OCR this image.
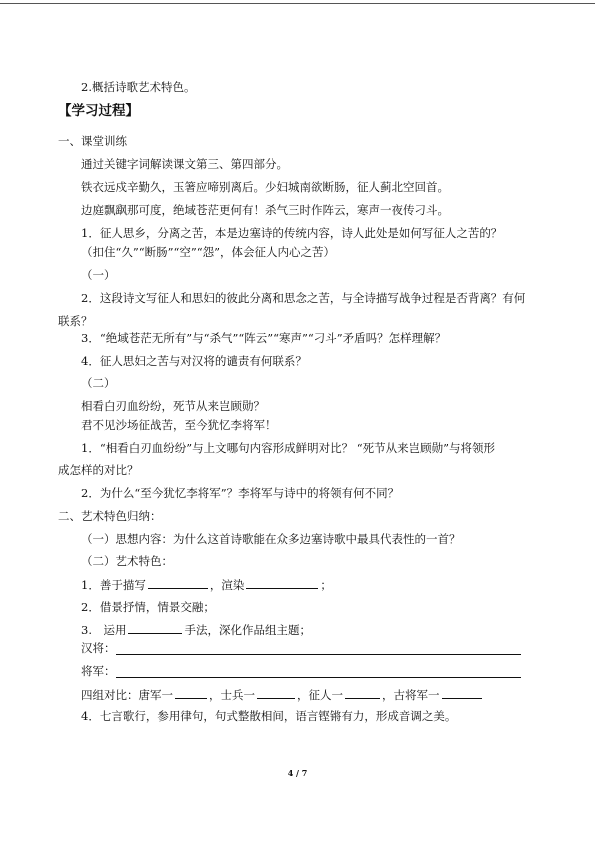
2.概括诗歌艺术特色。
【学习过程】
一、课堂训练
通过关键字词解读课文第三、第四部分。
铁衣远戍辛勤久，玉箸应啼别离后。少妇城南欲断肠，征人蓟北空回首。
边庭飘飖那可度，绝域苍茫更何有！杀气三时作阵云，寒声一夜传刁斗。
1．征人思乡，分离之苦，本是边塞诗的传统内容，诗人此处是如何写征人之苦的？
（扣住“久”“断肠”“空”“怨”，体会征人内心之苦）
（一）
2．这段诗文写征人和思妇的彼此分离和思念之苦，与全诗描写战争过程是否背离？有何
联系？
3．“绝域苍茫无所有”与“杀气”“阵云”“寒声”“刁斗”矛盾吗？怎样理解？
4．征人思妇之苦与对汉将的谴责有何联系？
（二）
相看白刃血纷纷，死节从来岂顾勋？
君不见沙场征战苦，至今犹忆李将军！
1．“相看白刃血纷纷”与上文哪句内容形成鲜明对比？ “死节从来岂顾勋”与将领形
成怎样的对比？
2．为什么“至今犹忆李将军”？李将军与诗中的将领有何不同？
二、艺术特色归纳：
（一）思想内容：为什么这首诗歌能在众多边塞诗歌中最具代表性的一首？
（二）艺术特色：
1．善于描写	，渲染	；
2．借景抒情，情景交融；
3.　运用	手法，深化作品组主题；
汉将：
将军：
四组对比：唐军一	，士兵一	，征人一	，古将军一
4．七言歌行，参用律句，句式整散相间，语言铿锵有力，形成音调之美。
4 / 7
